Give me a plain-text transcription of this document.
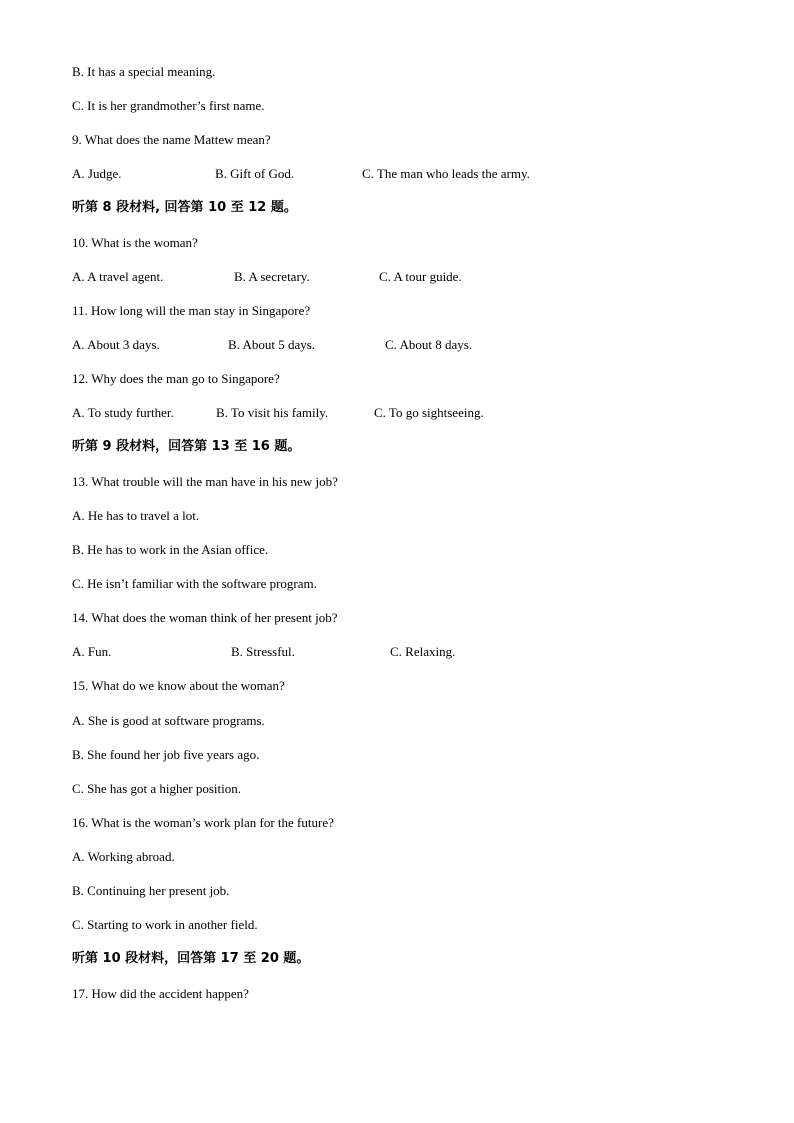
B. It has a special meaning.
C. It is her grandmother’s first name.
9. What does the name Mattew mean?
A. Judge.	B. Gift of God.	C. The man who leads the army.
听第 8 段材料, 回答第 10 至 12 题。
10. What is the woman?
A. A travel agent.	B. A secretary.	C. A tour guide.
11. How long will the man stay in Singapore?
A. About 3 days.	B. About 5 days.	C. About 8 days.
12. Why does the man go to Singapore?
A. To study further.	B. To visit his family.	C. To go sightseeing.
听第 9 段材料，回答第 13 至 16 题。
13. What trouble will the man have in his new job?
A. He has to travel a lot.
B. He has to work in the Asian office.
C. He isn’t familiar with the software program.
14. What does the woman think of her present job?
A. Fun.	B. Stressful.	C. Relaxing.
15. What do we know about the woman?
A. She is good at software programs.
B. She found her job five years ago.
C. She has got a higher position.
16. What is the woman’s work plan for the future?
A. Working abroad.
B. Continuing her present job.
C. Starting to work in another field.
听第 10 段材料，回答第 17 至 20 题。
17. How did the accident happen?
